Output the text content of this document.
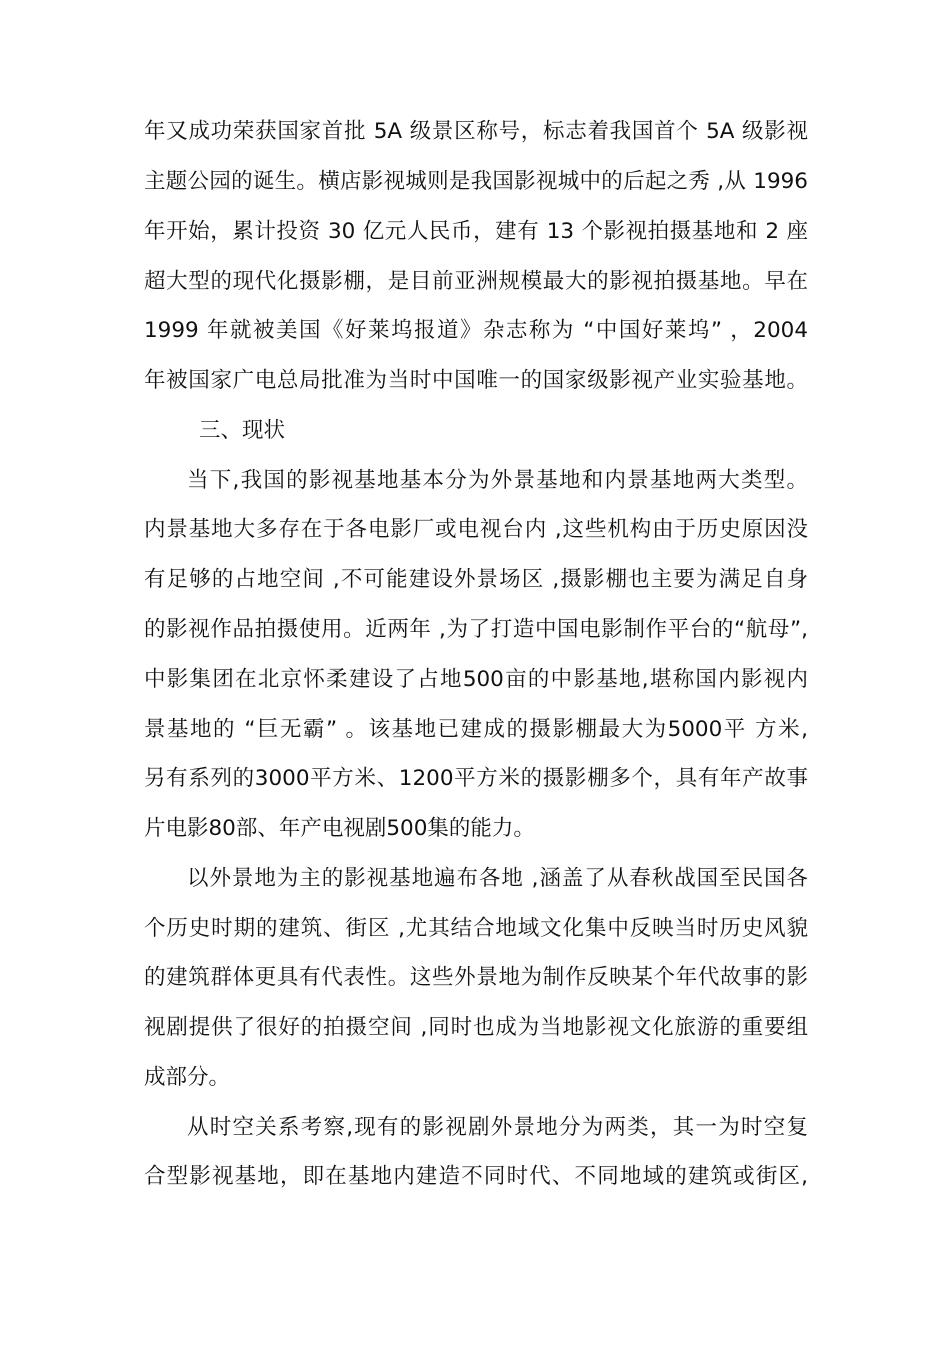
年又成功荣获国家首批 5A 级景区称号，标志着我国首个 5A 级影视
主题公园的诞生。横店影视城则是我国影视城中的后起之秀 ,从 1996
年开始，累计投资 30 亿元人民币，建有 13 个影视拍摄基地和 2 座
超大型的现代化摄影棚，是目前亚洲规模最大的影视拍摄基地。早在
1999 年就被美国《好莱坞报道》杂志称为 “中国好莱坞” ，2004
年被国家广电总局批准为当时中国唯一的国家级影视产业实验基地。
三、现状
当下,我国的影视基地基本分为外景基地和内景基地两大类型。
内景基地大多存在于各电影厂或电视台内 ,这些机构由于历史原因没
有足够的占地空间 ,不可能建设外景场区 ,摄影棚也主要为满足自身
的影视作品拍摄使用。近两年 ,为了打造中国电影制作平台的“航母”,
中影集团在北京怀柔建设了占地500亩的中影基地,堪称国内影视内
景基地的 “巨无霸” 。该基地已建成的摄影棚最大为5000平 方米,
另有系列的3000平方米、1200平方米的摄影棚多个，具有年产故事
片电影80部、年产电视剧500集的能力。
以外景地为主的影视基地遍布各地 ,涵盖了从春秋战国至民国各
个历史时期的建筑、街区 ,尤其结合地域文化集中反映当时历史风貌
的建筑群体更具有代表性。这些外景地为制作反映某个年代故事的影
视剧提供了很好的拍摄空间 ,同时也成为当地影视文化旅游的重要组
成部分。
从时空关系考察,现有的影视剧外景地分为两类，其一为时空复
合型影视基地，即在基地内建造不同时代、不同地域的建筑或街区,
